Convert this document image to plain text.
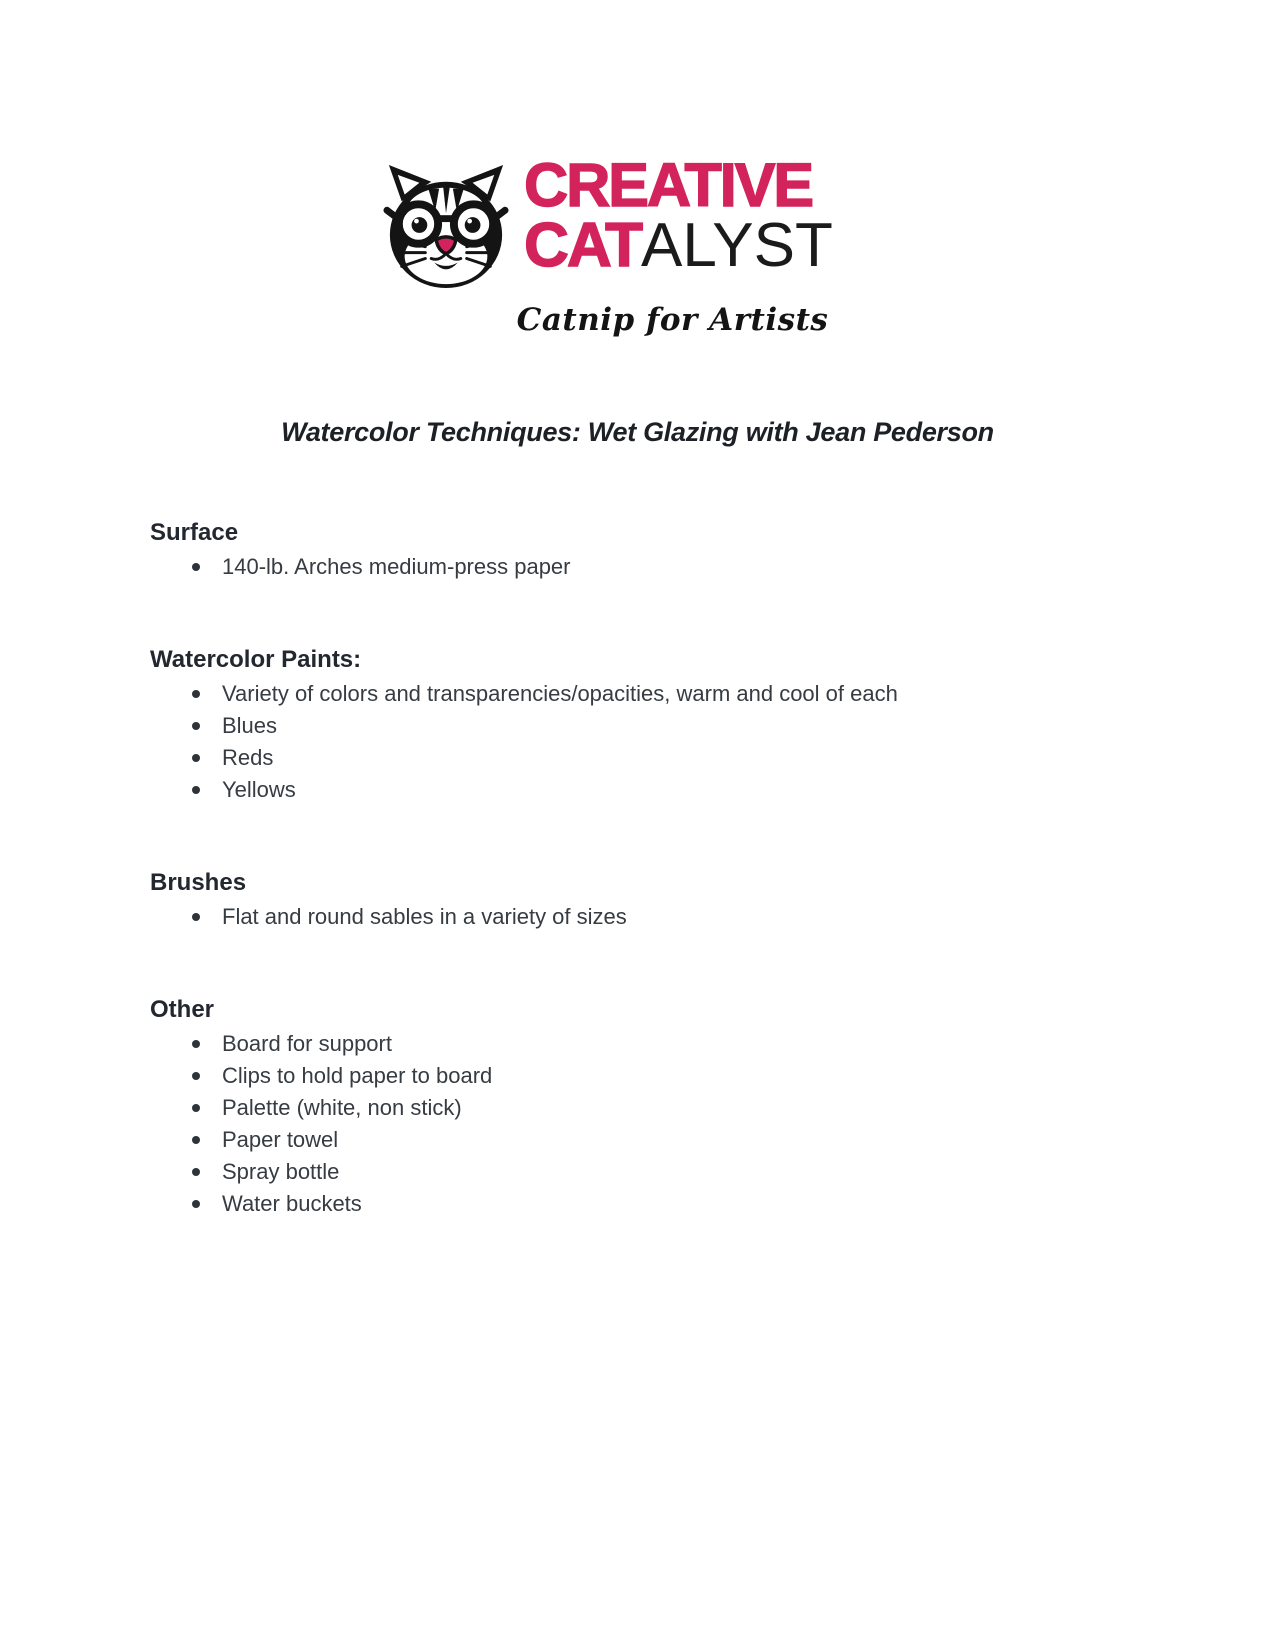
CREATIVE
CATALYST
Catnip for Artists
Watercolor Techniques: Wet Glazing with Jean Pederson
Surface
140-lb. Arches medium-press paper
Watercolor Paints:
Variety of colors and transparencies/opacities, warm and cool of each
Blues
Reds
Yellows
Brushes
Flat and round sables in a variety of sizes
Other
Board for support
Clips to hold paper to board
Palette (white, non stick)
Paper towel
Spray bottle
Water buckets
